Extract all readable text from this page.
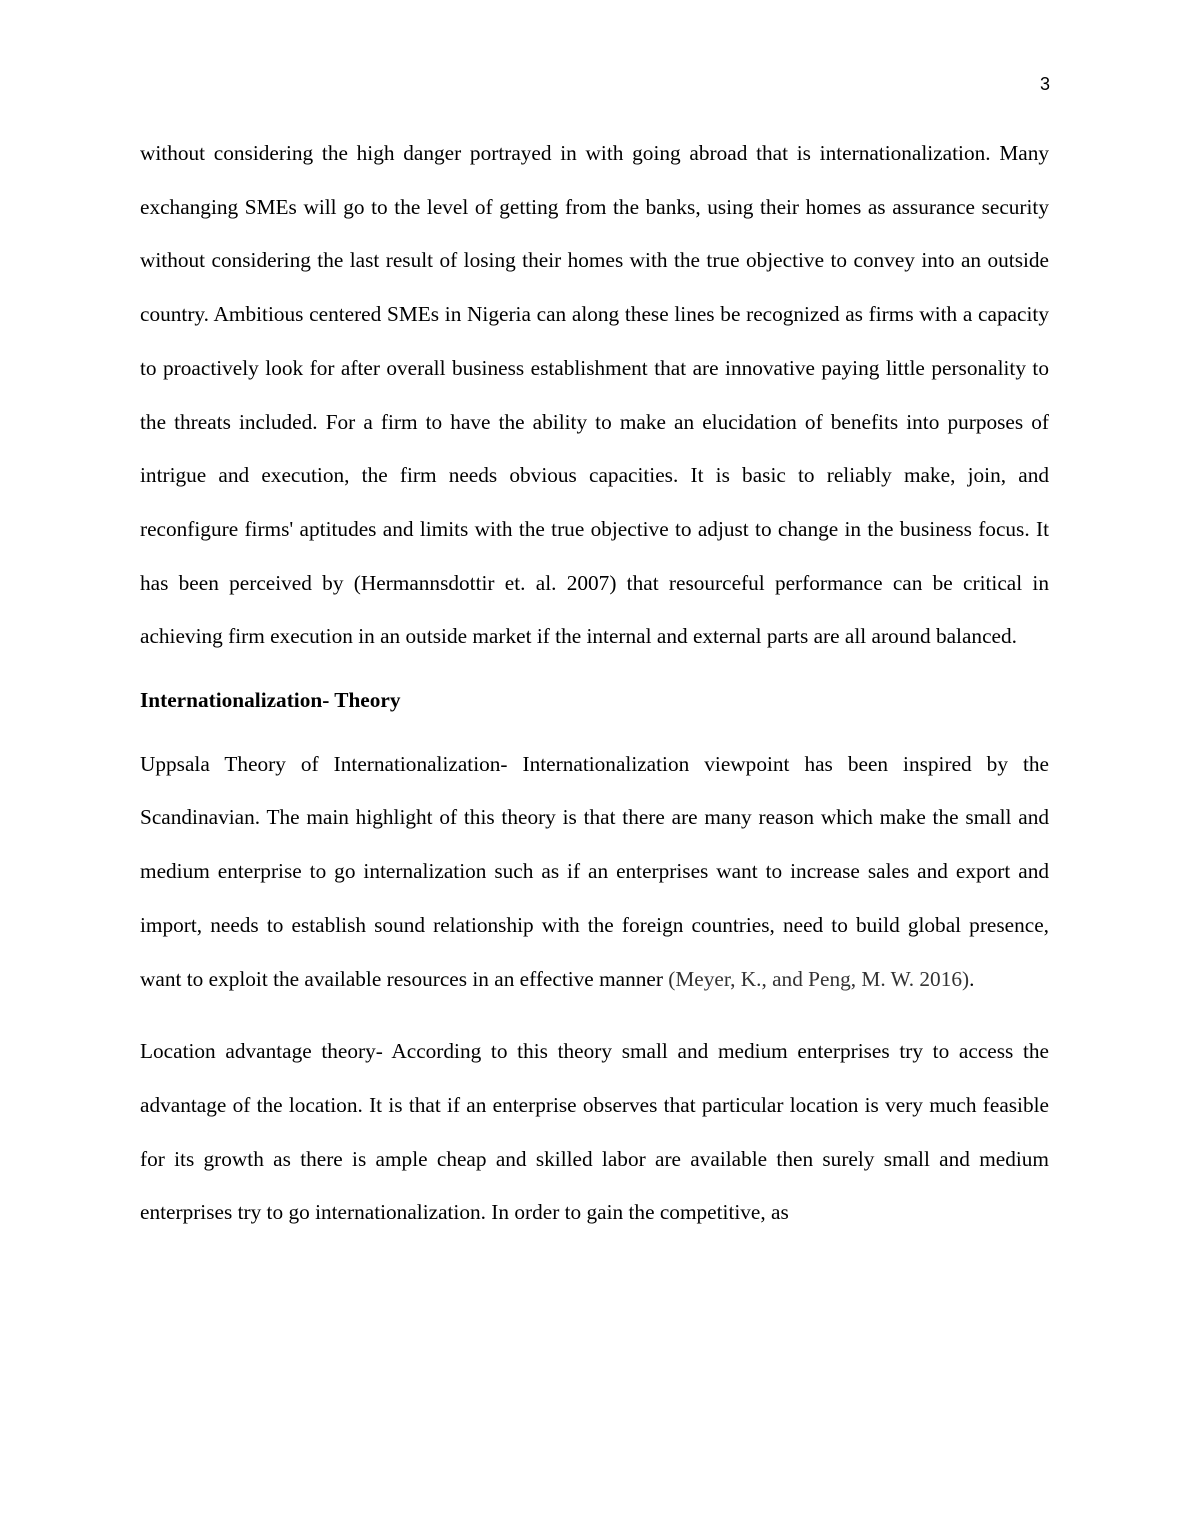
3

without considering the high danger portrayed in with going abroad that is internationalization. Many exchanging SMEs will go to the level of getting from the banks, using their homes as assurance security without considering the last result of losing their homes with the true objective to convey into an outside country. Ambitious centered SMEs in Nigeria can along these lines be recognized as firms with a capacity to proactively look for after overall business establishment that are innovative paying little personality to the threats included. For a firm to have the ability to make an elucidation of benefits into purposes of intrigue and execution, the firm needs obvious capacities. It is basic to reliably make, join, and reconfigure firms' aptitudes and limits with the true objective to adjust to change in the business focus. It has been perceived by (Hermannsdottir et. al. 2007) that resourceful performance can be critical in achieving firm execution in an outside market if the internal and external parts are all around balanced.

Internationalization- Theory

Uppsala Theory of Internationalization- Internationalization viewpoint has been inspired by the Scandinavian. The main highlight of this theory is that there are many reason which make the small and medium enterprise to go internalization such as if an enterprises want to increase sales and export and import, needs to establish sound relationship with the foreign countries, need to build global presence, want to exploit the available resources in an effective manner (Meyer, K., and Peng, M. W. 2016).

Location advantage theory- According to this theory small and medium enterprises try to access the advantage of the location. It is that if an enterprise observes that particular location is very much feasible for its growth as there is ample cheap and skilled labor are available then surely small and medium enterprises try to go internationalization. In order to gain the competitive, as
